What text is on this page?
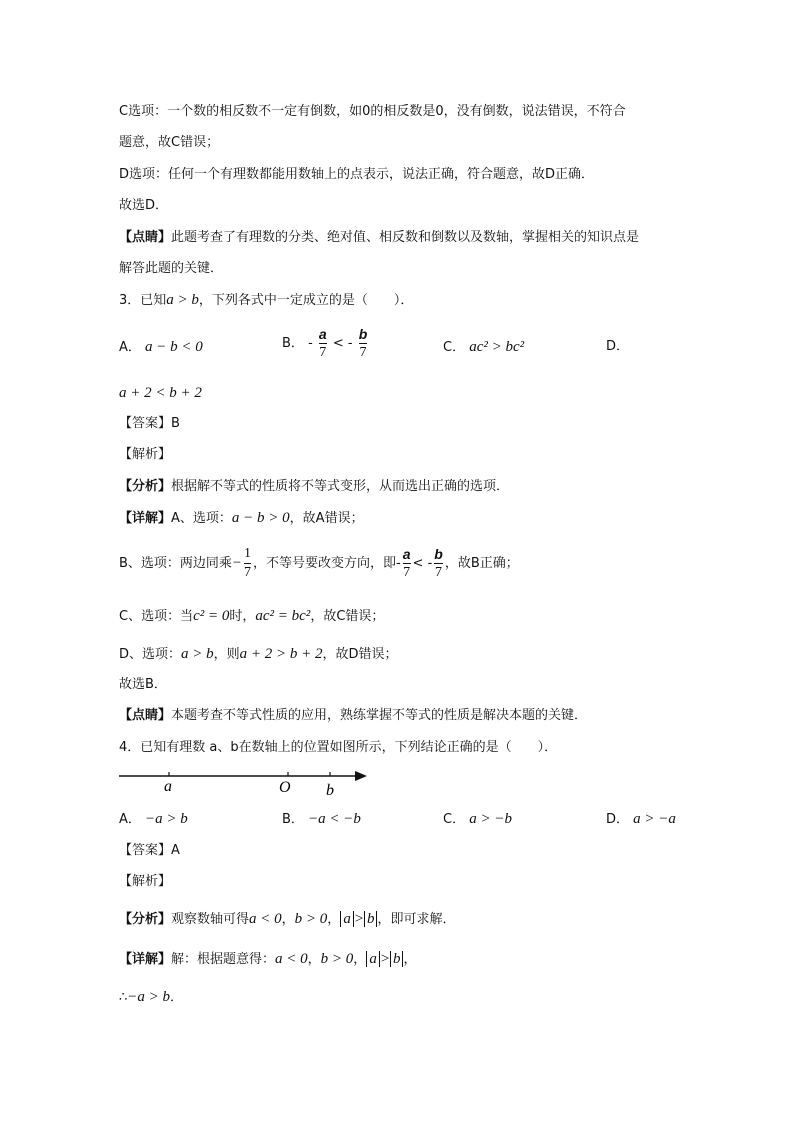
C选项：一个数的相反数不一定有倒数，如0的相反数是0，没有倒数，说法错误，不符合
题意，故C错误；
D选项：任何一个有理数都能用数轴上的点表示，说法正确，符合题意，故D正确．
故选D．
【点睛】此题考查了有理数的分类、绝对值、相反数和倒数以及数轴，掌握相关的知识点是
解答此题的关键．
3．已知a > b，下列各式中一定成立的是（　　）．
A． a − b < 0	B． - $\frac{a}{7}$ < - $\frac{b}{7}$	C． ac² > bc²	D．
a + 2 < b + 2
【答案】B
【解析】
【分析】根据解不等式的性质将不等式变形，从而选出正确的选项．
【详解】A、选项：a − b > 0，故A错误；
B、选项：两边同乘− $\frac{1}{7}$ ，不等号要改变方向，即- $\frac{a}{7}$ < - $\frac{b}{7}$ ，故B正确；
C、选项：当c² = 0时，ac² = bc²，故C错误；
D、选项：a > b，则a + 2 > b + 2，故D错误；
故选B．
【点睛】本题考查不等式性质的应用，熟练掌握不等式的性质是解决本题的关键．
4．已知有理数 a、b在数轴上的位置如图所示，下列结论正确的是（　　）．
a	O b
A． −a > b	B． −a < −b	C． a > −b	D． a > −a
【答案】A
【解析】
【分析】观察数轴可得a < 0，b > 0， a > b ，即可求解．
【详解】解：根据题意得：a < 0，b > 0， a > b ，
∴−a > b．
